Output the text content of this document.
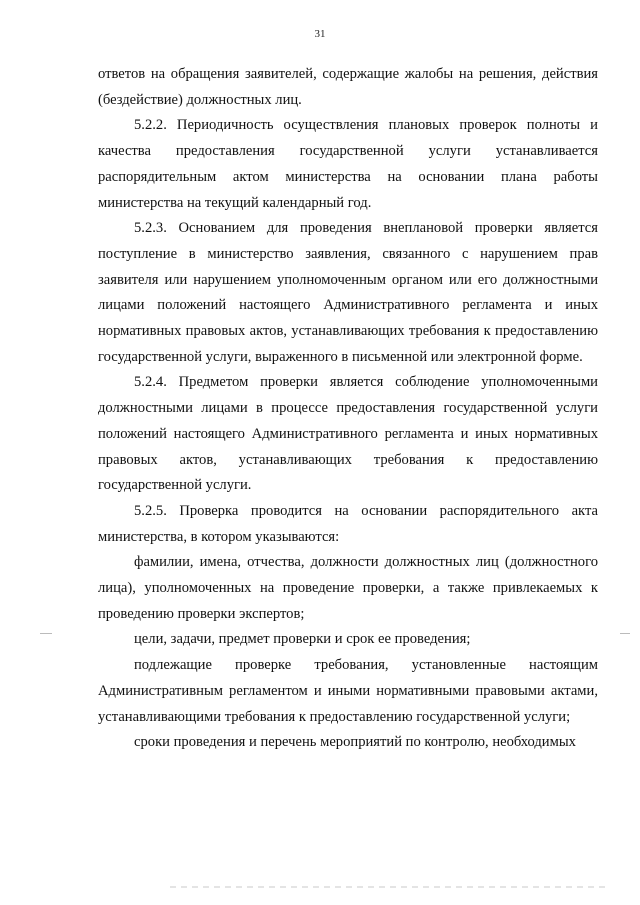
31

ответов на обращения заявителей, содержащие жалобы на решения, действия (бездействие) должностных лиц.

5.2.2. Периодичность осуществления плановых проверок полноты и качества предоставления государственной услуги устанавливается распорядительным актом министерства на основании плана работы министерства на текущий календарный год.

5.2.3. Основанием для проведения внеплановой проверки является поступление в министерство заявления, связанного с нарушением прав заявителя или нарушением уполномоченным органом или его должностными лицами положений настоящего Административного регламента и иных нормативных правовых актов, устанавливающих требования к предоставлению государственной услуги, выраженного в письменной или электронной форме.

5.2.4. Предметом проверки является соблюдение уполномоченными должностными лицами в процессе предоставления государственной услуги положений настоящего Административного регламента и иных нормативных правовых актов, устанавливающих требования к предоставлению государственной услуги.

5.2.5. Проверка проводится на основании распорядительного акта министерства, в котором указываются:

фамилии, имена, отчества, должности должностных лиц (должностного лица), уполномоченных на проведение проверки, а также привлекаемых к проведению проверки экспертов;

цели, задачи, предмет проверки и срок ее проведения;

подлежащие проверке требования, установленные настоящим Административным регламентом и иными нормативными правовыми актами, устанавливающими требования к предоставлению государственной услуги;

сроки проведения и перечень мероприятий по контролю, необходимых
